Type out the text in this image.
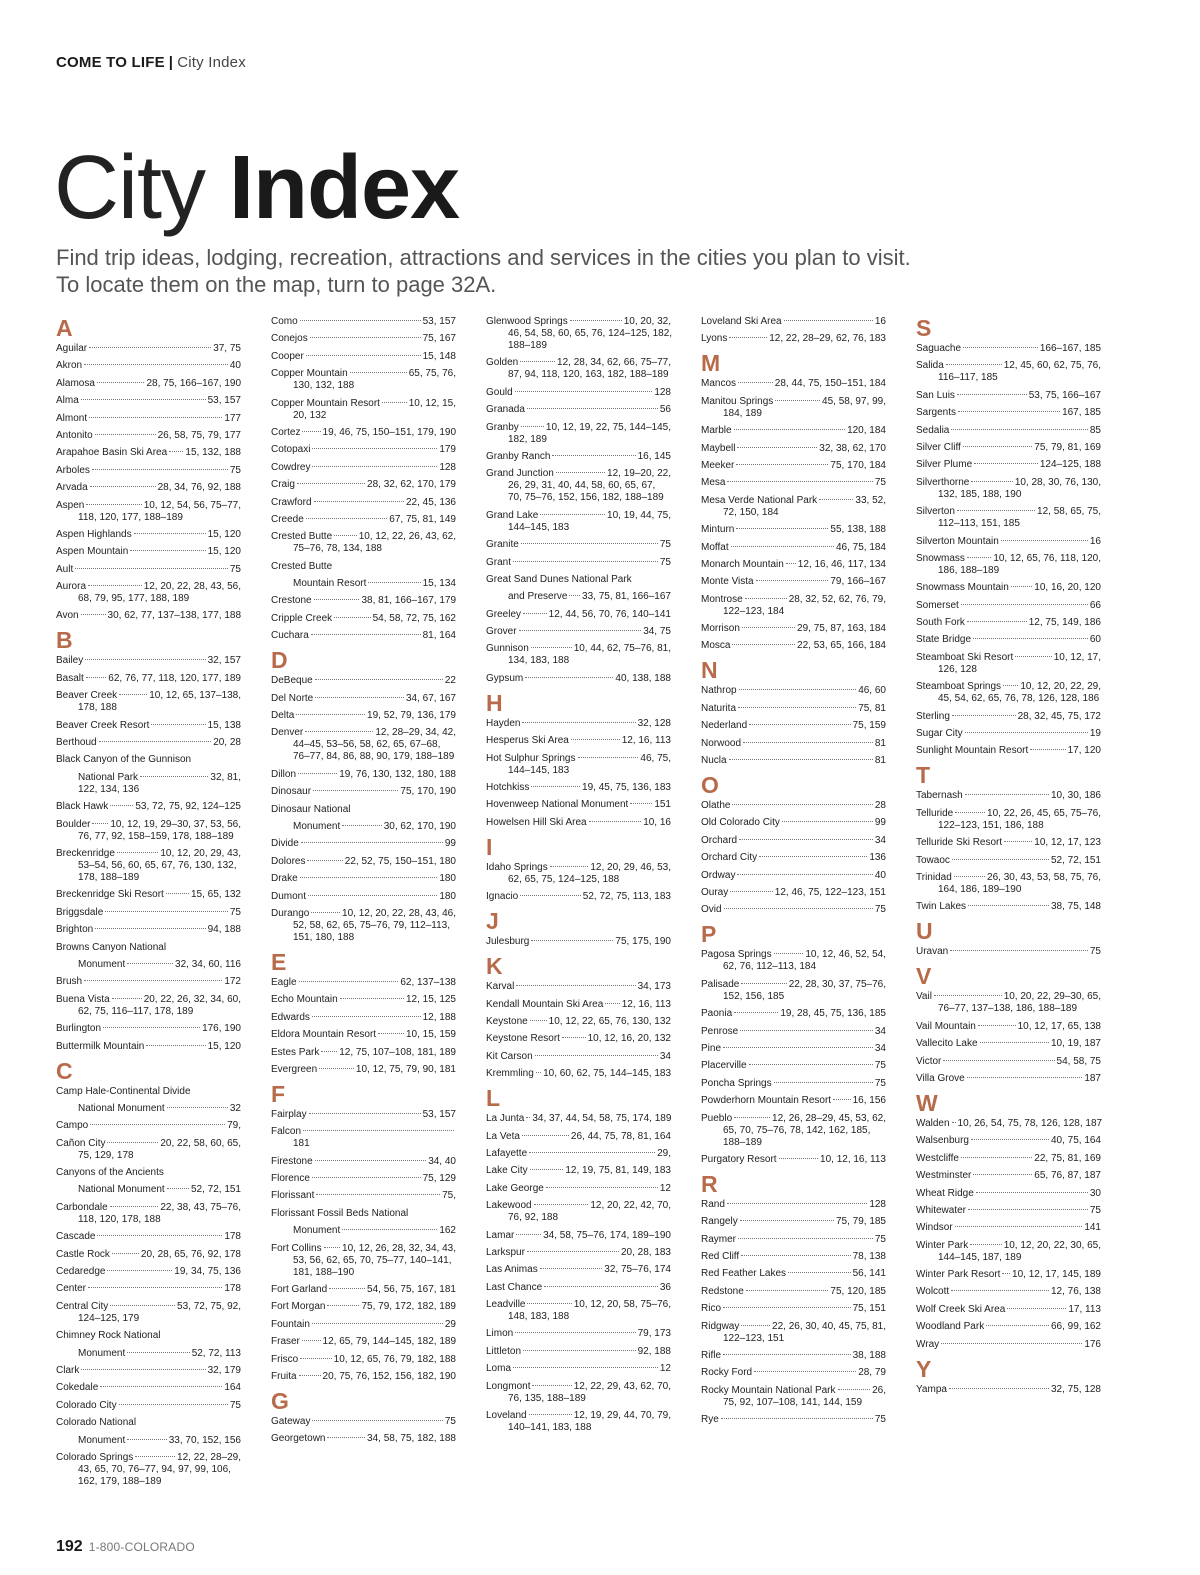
COME TO LIFE | City Index
City Index
Find trip ideas, lodging, recreation, attractions and services in the cities you plan to visit.
To locate them on the map, turn to page 32A.
A
Aguilar	37, 75
Akron	40
Alamosa	28, 75, 166–167, 190
Alma	53, 157
Almont	177
Antonito	26, 58, 75, 79, 177
Arapahoe Basin Ski Area 15, 132, 188
Arboles	75
Arvada	28, 34, 76, 92, 188
Aspen	10, 12, 54, 56, 75–77,
118, 120, 177, 188–189
Aspen Highlands	15, 120
Aspen Mountain	15, 120
Ault	75
Aurora	12, 20, 22, 28, 43, 56,
68, 79, 95, 177, 188, 189
Avon	30, 62, 77, 137–138, 177, 188
B
Bailey	32, 157
Basalt 62, 76, 77, 118, 120, 177, 189
Beaver Creek	10, 12, 65, 137–138,
178, 188
Beaver Creek Resort	15, 138
Berthoud	20, 28
Black Canyon of the Gunnison
National Park	32, 81,
122, 134, 136
Black Hawk	53, 72, 75, 92, 124–125
Boulder 10, 12, 19, 29–30, 37, 53, 56,
76, 77, 92, 158–159, 178, 188–189
Breckenridge	10, 12, 20, 29, 43,
53–54, 56, 60, 65, 67, 76, 130, 132,
178, 188–189
Breckenridge Ski Resort	15, 65, 132
Briggsdale	75
Brighton	94, 188
Browns Canyon National
Monument	32, 34, 60, 116
Brush	172
Buena Vista	20, 22, 26, 32, 34, 60,
62, 75, 116–117, 178, 189
Burlington	176, 190
Buttermilk Mountain	15, 120
C
Camp Hale-Continental Divide
National Monument	32
Campo	79,
Cañon City	20, 22, 58, 60, 65,
75, 129, 178
Canyons of the Ancients
National Monument	52, 72, 151
Carbondale	22, 38, 43, 75–76,
118, 120, 178, 188
Cascade	178
Castle Rock	20, 28, 65, 76, 92, 178
Cedaredge	19, 34, 75, 136
Center	178
Central City	53, 72, 75, 92,
124–125, 179
Chimney Rock National
Monument	52, 72, 113
Clark	32, 179
Cokedale	164
Colorado City	75
Colorado National
Monument	33, 70, 152, 156
Colorado Springs	12, 22, 28–29,
43, 65, 70, 76–77, 94, 97, 99, 106,
162, 179, 188–189
Como	53, 157
Conejos	75, 167
Cooper	15, 148
Copper Mountain	65, 75, 76,
130, 132, 188
Copper Mountain Resort	10, 12, 15,
20, 132
Cortez 19, 46, 75, 150–151, 179, 190
Cotopaxi	179
Cowdrey	128
Craig	28, 32, 62, 170, 179
Crawford	22, 45, 136
Creede	67, 75, 81, 149
Crested Butte	10, 12, 22, 26, 43, 62,
75–76, 78, 134, 188
Crested Butte
Mountain Resort	15, 134
Crestone	38, 81, 166–167, 179
Cripple Creek	54, 58, 72, 75, 162
Cuchara	81, 164
D
DeBeque	22
Del Norte	34, 67, 167
Delta	19, 52, 79, 136, 179
Denver	12, 28–29, 34, 42,
44–45, 53–56, 58, 62, 65, 67–68,
76–77, 84, 86, 88, 90, 179, 188–189
Dillon	19, 76, 130, 132, 180, 188
Dinosaur	75, 170, 190
Dinosaur National
Monument	30, 62, 170, 190
Divide	99
Dolores	22, 52, 75, 150–151, 180
Drake	180
Dumont	180
Durango	10, 12, 20, 22, 28, 43, 46,
52, 58, 62, 65, 75–76, 79, 112–113,
151, 180, 188
E
Eagle	62, 137–138
Echo Mountain	12, 15, 125
Edwards	12, 188
Eldora Mountain Resort	10, 15, 159
Estes Park 12, 75, 107–108, 181, 189
Evergreen	10, 12, 75, 79, 90, 181
F
Fairplay	53, 157
Falcon
181
Firestone	34, 40
Florence	75, 129
Florissant	75,
Florissant Fossil Beds National
Monument	162
Fort Collins 10, 12, 26, 28, 32, 34, 43,
53, 56, 62, 65, 70, 75–77, 140–141,
181, 188–190
Fort Garland	54, 56, 75, 167, 181
Fort Morgan	75, 79, 172, 182, 189
Fountain	29
Fraser 12, 65, 79, 144–145, 182, 189
Frisco	10, 12, 65, 76, 79, 182, 188
Fruita	20, 75, 76, 152, 156, 182, 190
G
Gateway	75
Georgetown	34, 58, 75, 182, 188
Glenwood Springs	10, 20, 32,
46, 54, 58, 60, 65, 76, 124–125, 182,
188–189
Golden	12, 28, 34, 62, 66, 75–77,
87, 94, 118, 120, 163, 182, 188–189
Gould	128
Granada	56
Granby	10, 12, 19, 22, 75, 144–145,
182, 189
Granby Ranch	16, 145
Grand Junction	12, 19–20, 22,
26, 29, 31, 40, 44, 58, 60, 65, 67,
70, 75–76, 152, 156, 182, 188–189
Grand Lake	10, 19, 44, 75,
144–145, 183
Granite	75
Grant	75
Great Sand Dunes National Park
and Preserve 33, 75, 81, 166–167
Greeley	12, 44, 56, 70, 76, 140–141
Grover	34, 75
Gunnison	10, 44, 62, 75–76, 81,
134, 183, 188
Gypsum	40, 138, 188
H
Hayden	32, 128
Hesperus Ski Area	12, 16, 113
Hot Sulphur Springs	46, 75,
144–145, 183
Hotchkiss	19, 45, 75, 136, 183
Hovenweep National Monument	151
Howelsen Hill Ski Area	10, 16
I
Idaho Springs	12, 20, 29, 46, 53,
62, 65, 75, 124–125, 188
Ignacio	52, 72, 75, 113, 183
J
Julesburg	75, 175, 190
K
Karval	34, 173
Kendall Mountain Ski Area 12, 16, 113
Keystone 10, 12, 22, 65, 76, 130, 132
Keystone Resort	10, 12, 16, 20, 132
Kit Carson	34
Kremmling 10, 60, 62, 75, 144–145, 183
L
La Junta 34, 37, 44, 54, 58, 75, 174, 189
La Veta	26, 44, 75, 78, 81, 164
Lafayette	29,
Lake City	12, 19, 75, 81, 149, 183
Lake George	12
Lakewood	12, 20, 22, 42, 70,
76, 92, 188
Lamar	34, 58, 75–76, 174, 189–190
Larkspur	20, 28, 183
Las Animas	32, 75–76, 174
Last Chance	36
Leadville	10, 12, 20, 58, 75–76,
148, 183, 188
Limon	79, 173
Littleton	92, 188
Loma	12
Longmont	12, 22, 29, 43, 62, 70,
76, 135, 188–189
Loveland	12, 19, 29, 44, 70, 79,
140–141, 183, 188
Loveland Ski Area	16
Lyons	12, 22, 28–29, 62, 76, 183
M
Mancos	28, 44, 75, 150–151, 184
Manitou Springs	45, 58, 97, 99,
184, 189
Marble	120, 184
Maybell	32, 38, 62, 170
Meeker	75, 170, 184
Mesa	75
Mesa Verde National Park	33, 52,
72, 150, 184
Minturn	55, 138, 188
Moffat	46, 75, 184
Monarch Mountain 12, 16, 46, 117, 134
Monte Vista	79, 166–167
Montrose	28, 32, 52, 62, 76, 79,
122–123, 184
Morrison	29, 75, 87, 163, 184
Mosca	22, 53, 65, 166, 184
N
Nathrop	46, 60
Naturita	75, 81
Nederland	75, 159
Norwood	81
Nucla	81
O
Olathe	28
Old Colorado City	99
Orchard	34
Orchard City	136
Ordway	40
Ouray	12, 46, 75, 122–123, 151
Ovid	75
P
Pagosa Springs	10, 12, 46, 52, 54,
62, 76, 112–113, 184
Palisade	22, 28, 30, 37, 75–76,
152, 156, 185
Paonia	19, 28, 45, 75, 136, 185
Penrose	34
Pine	34
Placerville	75
Poncha Springs	75
Powderhorn Mountain Resort 16, 156
Pueblo	12, 26, 28–29, 45, 53, 62,
65, 70, 75–76, 78, 142, 162, 185,
188–189
Purgatory Resort	10, 12, 16, 113
R
Rand	128
Rangely	75, 79, 185
Raymer	75
Red Cliff	78, 138
Red Feather Lakes	56, 141
Redstone	75, 120, 185
Rico	75, 151
Ridgway	22, 26, 30, 40, 45, 75, 81,
122–123, 151
Rifle	38, 188
Rocky Ford	28, 79
Rocky Mountain National Park	26,
75, 92, 107–108, 141, 144, 159
Rye	75
S
Saguache	166–167, 185
Salida	12, 45, 60, 62, 75, 76,
116–117, 185
San Luis	53, 75, 166–167
Sargents	167, 185
Sedalia	85
Silver Cliff	75, 79, 81, 169
Silver Plume	124–125, 188
Silverthorne	10, 28, 30, 76, 130,
132, 185, 188, 190
Silverton	12, 58, 65, 75,
112–113, 151, 185
Silverton Mountain	16
Snowmass	10, 12, 65, 76, 118, 120,
186, 188–189
Snowmass Mountain	10, 16, 20, 120
Somerset	66
South Fork	12, 75, 149, 186
State Bridge	60
Steamboat Ski Resort	10, 12, 17,
126, 128
Steamboat Springs 10, 12, 20, 22, 29,
45, 54, 62, 65, 76, 78, 126, 128, 186
Sterling	28, 32, 45, 75, 172
Sugar City	19
Sunlight Mountain Resort	17, 120
T
Tabernash	10, 30, 186
Telluride	10, 22, 26, 45, 65, 75–76,
122–123, 151, 186, 188
Telluride Ski Resort	10, 12, 17, 123
Towaoc	52, 72, 151
Trinidad	26, 30, 43, 53, 58, 75, 76,
164, 186, 189–190
Twin Lakes	38, 75, 148
U
Uravan	75
V
Vail	10, 20, 22, 29–30, 65,
76–77, 137–138, 186, 188–189
Vail Mountain	10, 12, 17, 65, 138
Vallecito Lake	10, 19, 187
Victor	54, 58, 75
Villa Grove	187
W
Walden 10, 26, 54, 75, 78, 126, 128, 187
Walsenburg	40, 75, 164
Westcliffe	22, 75, 81, 169
Westminster	65, 76, 87, 187
Wheat Ridge	30
Whitewater	75
Windsor	141
Winter Park	10, 12, 20, 22, 30, 65,
144–145, 187, 189
Winter Park Resort 10, 12, 17, 145, 189
Wolcott	12, 76, 138
Wolf Creek Ski Area	17, 113
Woodland Park	66, 99, 162
Wray	176
Y
Yampa	32, 75, 128
192 1-800-COLORADO
